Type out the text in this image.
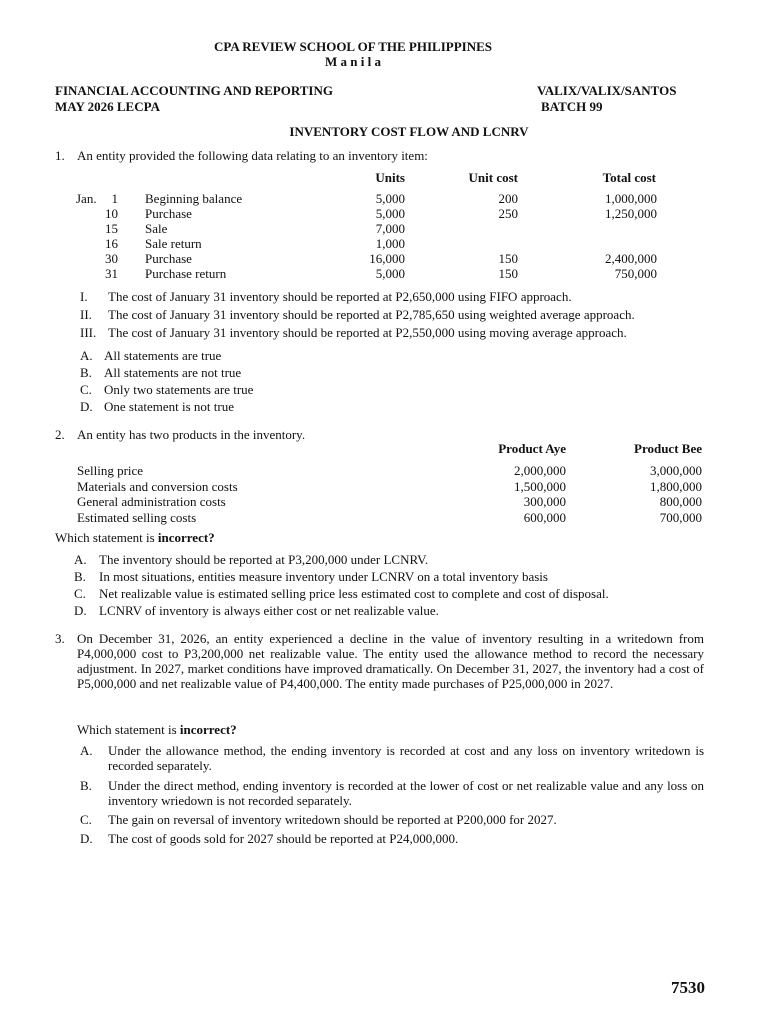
CPA REVIEW SCHOOL OF THE PHILIPPINES
M a n i l a
FINANCIAL ACCOUNTING AND REPORTING
MAY 2026 LECPA
VALIX/VALIX/SANTOS
BATCH 99
INVENTORY COST FLOW AND LCNRV
1. An entity provided the following data relating to an inventory item:
Units	Unit cost	Total cost
Jan.	1 Beginning balance	5,000	200	1,000,000
10 Purchase	5,000	250	1,250,000
15 Sale	7,000
16 Sale return	1,000
30 Purchase	16,000	150	2,400,000
31 Purchase return	5,000	150	750,000
I. The cost of January 31 inventory should be reported at P2,650,000 using FIFO approach.
II. The cost of January 31 inventory should be reported at P2,785,650 using weighted average approach.
III. The cost of January 31 inventory should be reported at P2,550,000 using moving average approach.
A. All statements are true
B. All statements are not true
C. Only two statements are true
D. One statement is not true
2. An entity has two products in the inventory.
Product Aye	Product Bee
Selling price	2,000,000	3,000,000
Materials and conversion costs	1,500,000	1,800,000
General administration costs	300,000	800,000
Estimated selling costs	600,000	700,000
Which statement is incorrect?
A. The inventory should be reported at P3,200,000 under LCNRV.
B. In most situations, entities measure inventory under LCNRV on a total inventory basis
C. Net realizable value is estimated selling price less estimated cost to complete and cost of disposal.
D. LCNRV of inventory is always either cost or net realizable value.
3. On December 31, 2026, an entity experienced a decline in the value of inventory resulting in a writedown from P4,000,000 cost to P3,200,000 net realizable value. The entity used the allowance method to record the necessary adjustment. In 2027, market conditions have improved dramatically. On December 31, 2027, the inventory had a cost of P5,000,000 and net realizable value of P4,400,000. The entity made purchases of P25,000,000 in 2027.
Which statement is incorrect?
A. Under the allowance method, the ending inventory is recorded at cost and any loss on inventory writedown is recorded separately.
B. Under the direct method, ending inventory is recorded at the lower of cost or net realizable value and any loss on inventory wriedown is not recorded separately.
C. The gain on reversal of inventory writedown should be reported at P200,000 for 2027.
D. The cost of goods sold for 2027 should be reported at P24,000,000.
7530
